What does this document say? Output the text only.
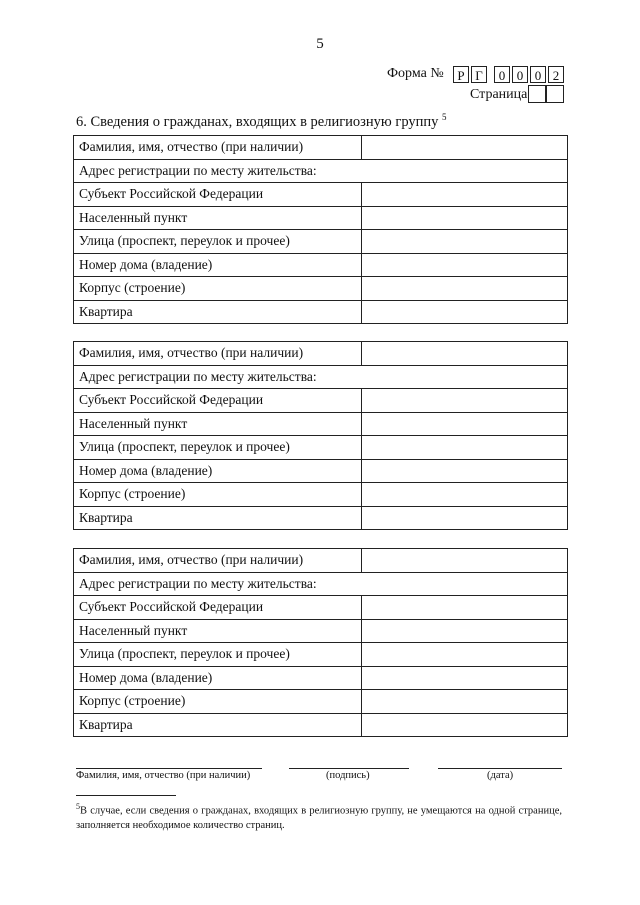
5
Форма №	Р Г	0 0 0 2
Страница
6. Сведения о гражданах, входящих в религиозную группу $^5$
Фамилия, имя, отчество (при наличии)	
Адрес регистрации по месту жительства:	
Субъект Российской Федерации	
Населенный пункт	
Улица (проспект, переулок и прочее)	
Номер дома (владение)	
Корпус (строение)	
Квартира	
Фамилия, имя, отчество (при наличии)	
Адрес регистрации по месту жительства:	
Субъект Российской Федерации	
Населенный пункт	
Улица (проспект, переулок и прочее)	
Номер дома (владение)	
Корпус (строение)	
Квартира	
Фамилия, имя, отчество (при наличии)	
Адрес регистрации по месту жительства:	
Субъект Российской Федерации	
Населенный пункт	
Улица (проспект, переулок и прочее)	
Номер дома (владение)	
Корпус (строение)	
Квартира	
Фамилия, имя, отчество (при наличии)	(подпись)	(дата)
$^5$В случае, если сведения о гражданах, входящих в религиозную группу, не умещаются на одной странице, заполняется необходимое количество страниц.
